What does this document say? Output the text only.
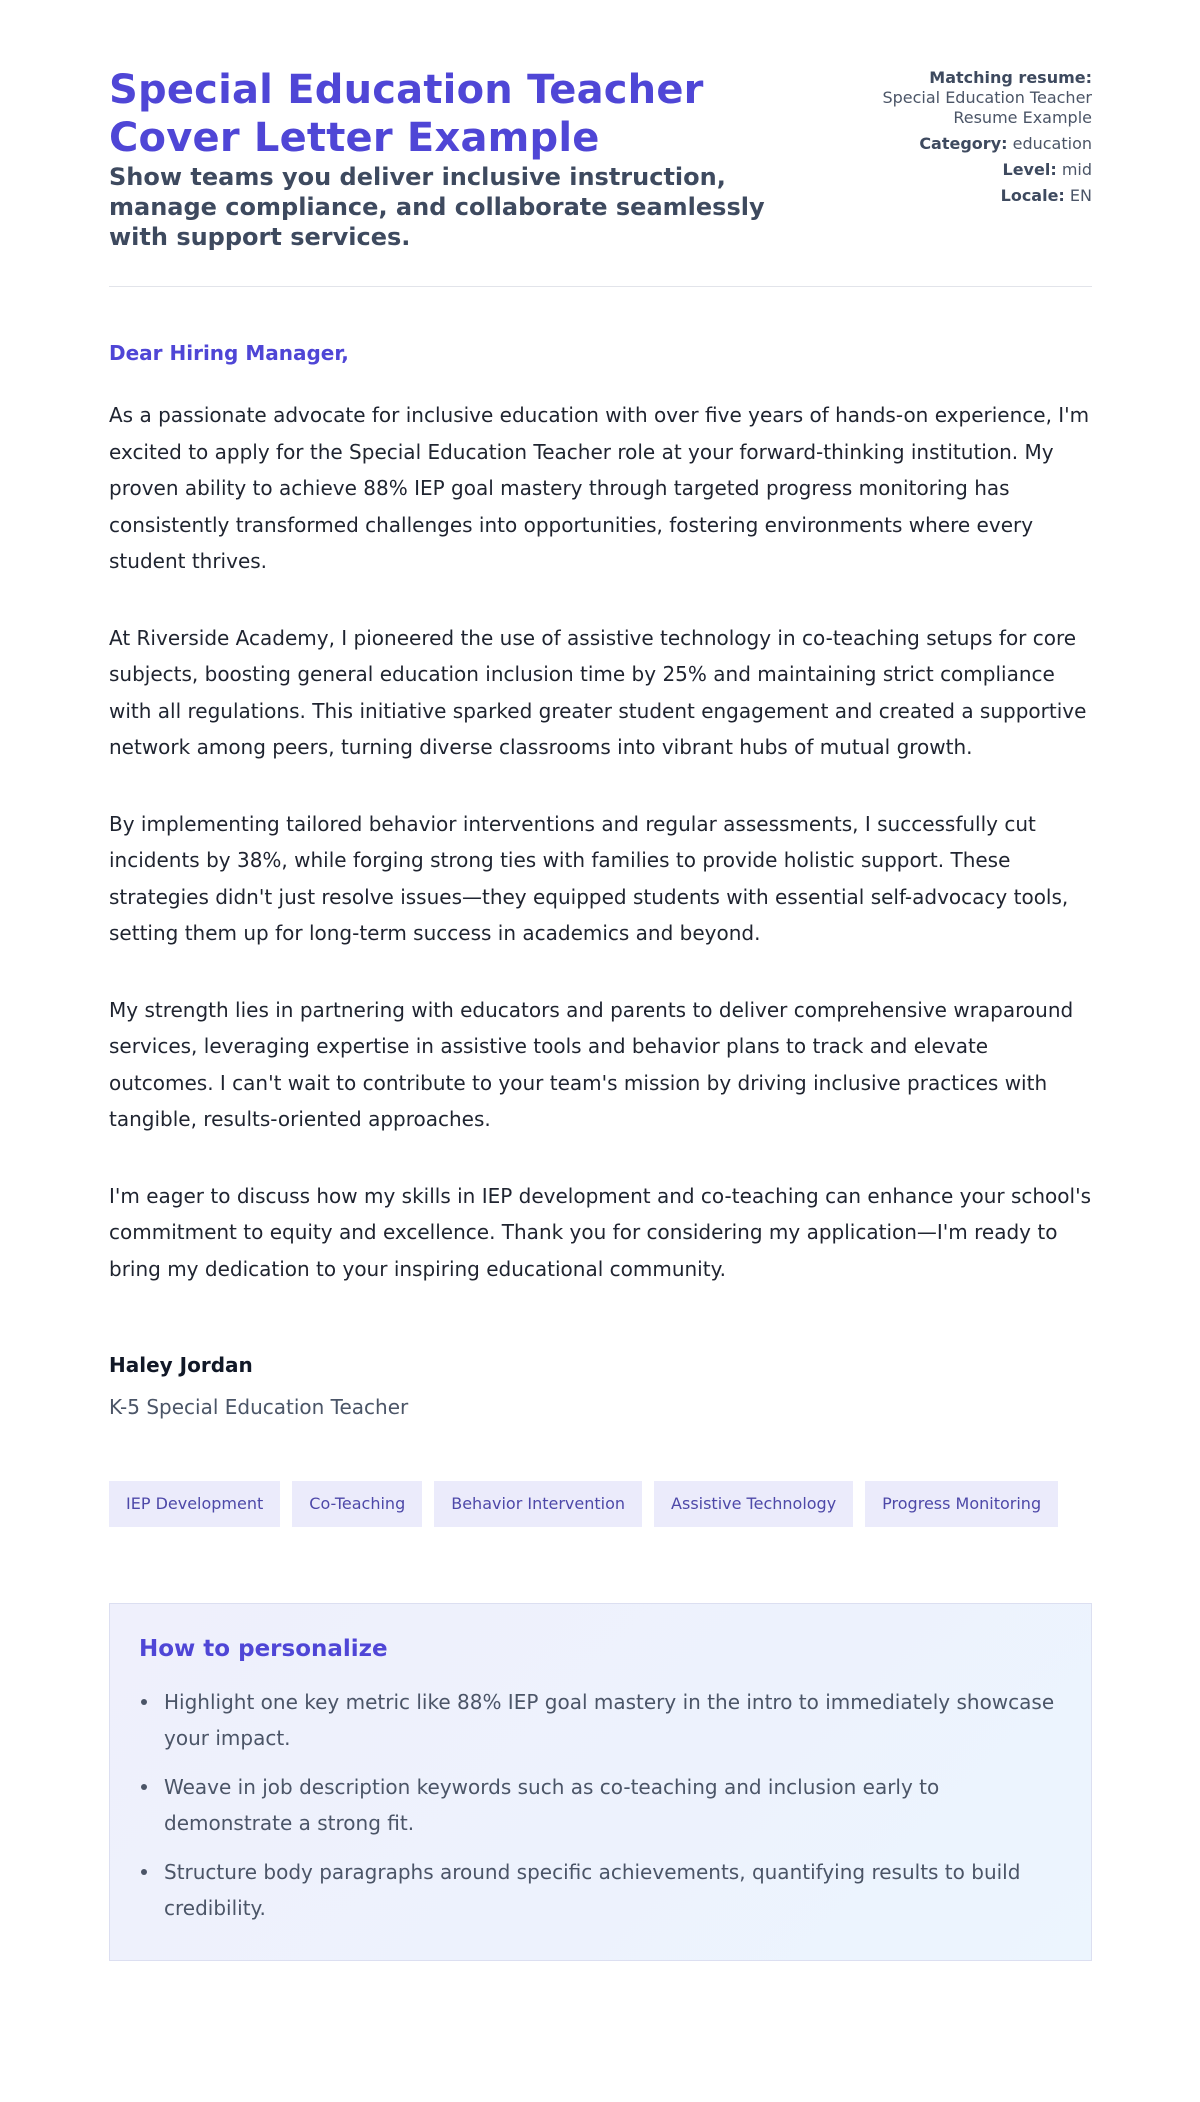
Special Education Teacher
Cover Letter Example
Show teams you deliver inclusive instruction, manage compliance, and collaborate seamlessly with support services.
Matching resume:
Special Education Teacher
Resume Example
Category: education
Level: mid
Locale: EN
Dear Hiring Manager,

As a passionate advocate for inclusive education with over five years of hands-on experience, I'm excited to apply for the Special Education Teacher role at your forward-thinking institution. My proven ability to achieve 88% IEP goal mastery through targeted progress monitoring has consistently transformed challenges into opportunities, fostering environments where every student thrives.

At Riverside Academy, I pioneered the use of assistive technology in co-teaching setups for core subjects, boosting general education inclusion time by 25% and maintaining strict compliance with all regulations. This initiative sparked greater student engagement and created a supportive network among peers, turning diverse classrooms into vibrant hubs of mutual growth.

By implementing tailored behavior interventions and regular assessments, I successfully cut incidents by 38%, while forging strong ties with families to provide holistic support. These strategies didn't just resolve issues—they equipped students with essential self-advocacy tools, setting them up for long-term success in academics and beyond.

My strength lies in partnering with educators and parents to deliver comprehensive wraparound services, leveraging expertise in assistive tools and behavior plans to track and elevate outcomes. I can't wait to contribute to your team's mission by driving inclusive practices with tangible, results-oriented approaches.

I'm eager to discuss how my skills in IEP development and co-teaching can enhance your school's commitment to equity and excellence. Thank you for considering my application—I'm ready to bring my dedication to your inspiring educational community.

Haley Jordan
K-5 Special Education Teacher
IEP Development	Co-Teaching	Behavior Intervention	Assistive Technology	Progress Monitoring
How to personalize
Highlight one key metric like 88% IEP goal mastery in the intro to immediately showcase your impact.
Weave in job description keywords such as co-teaching and inclusion early to demonstrate a strong fit.
Structure body paragraphs around specific achievements, quantifying results to build credibility.
